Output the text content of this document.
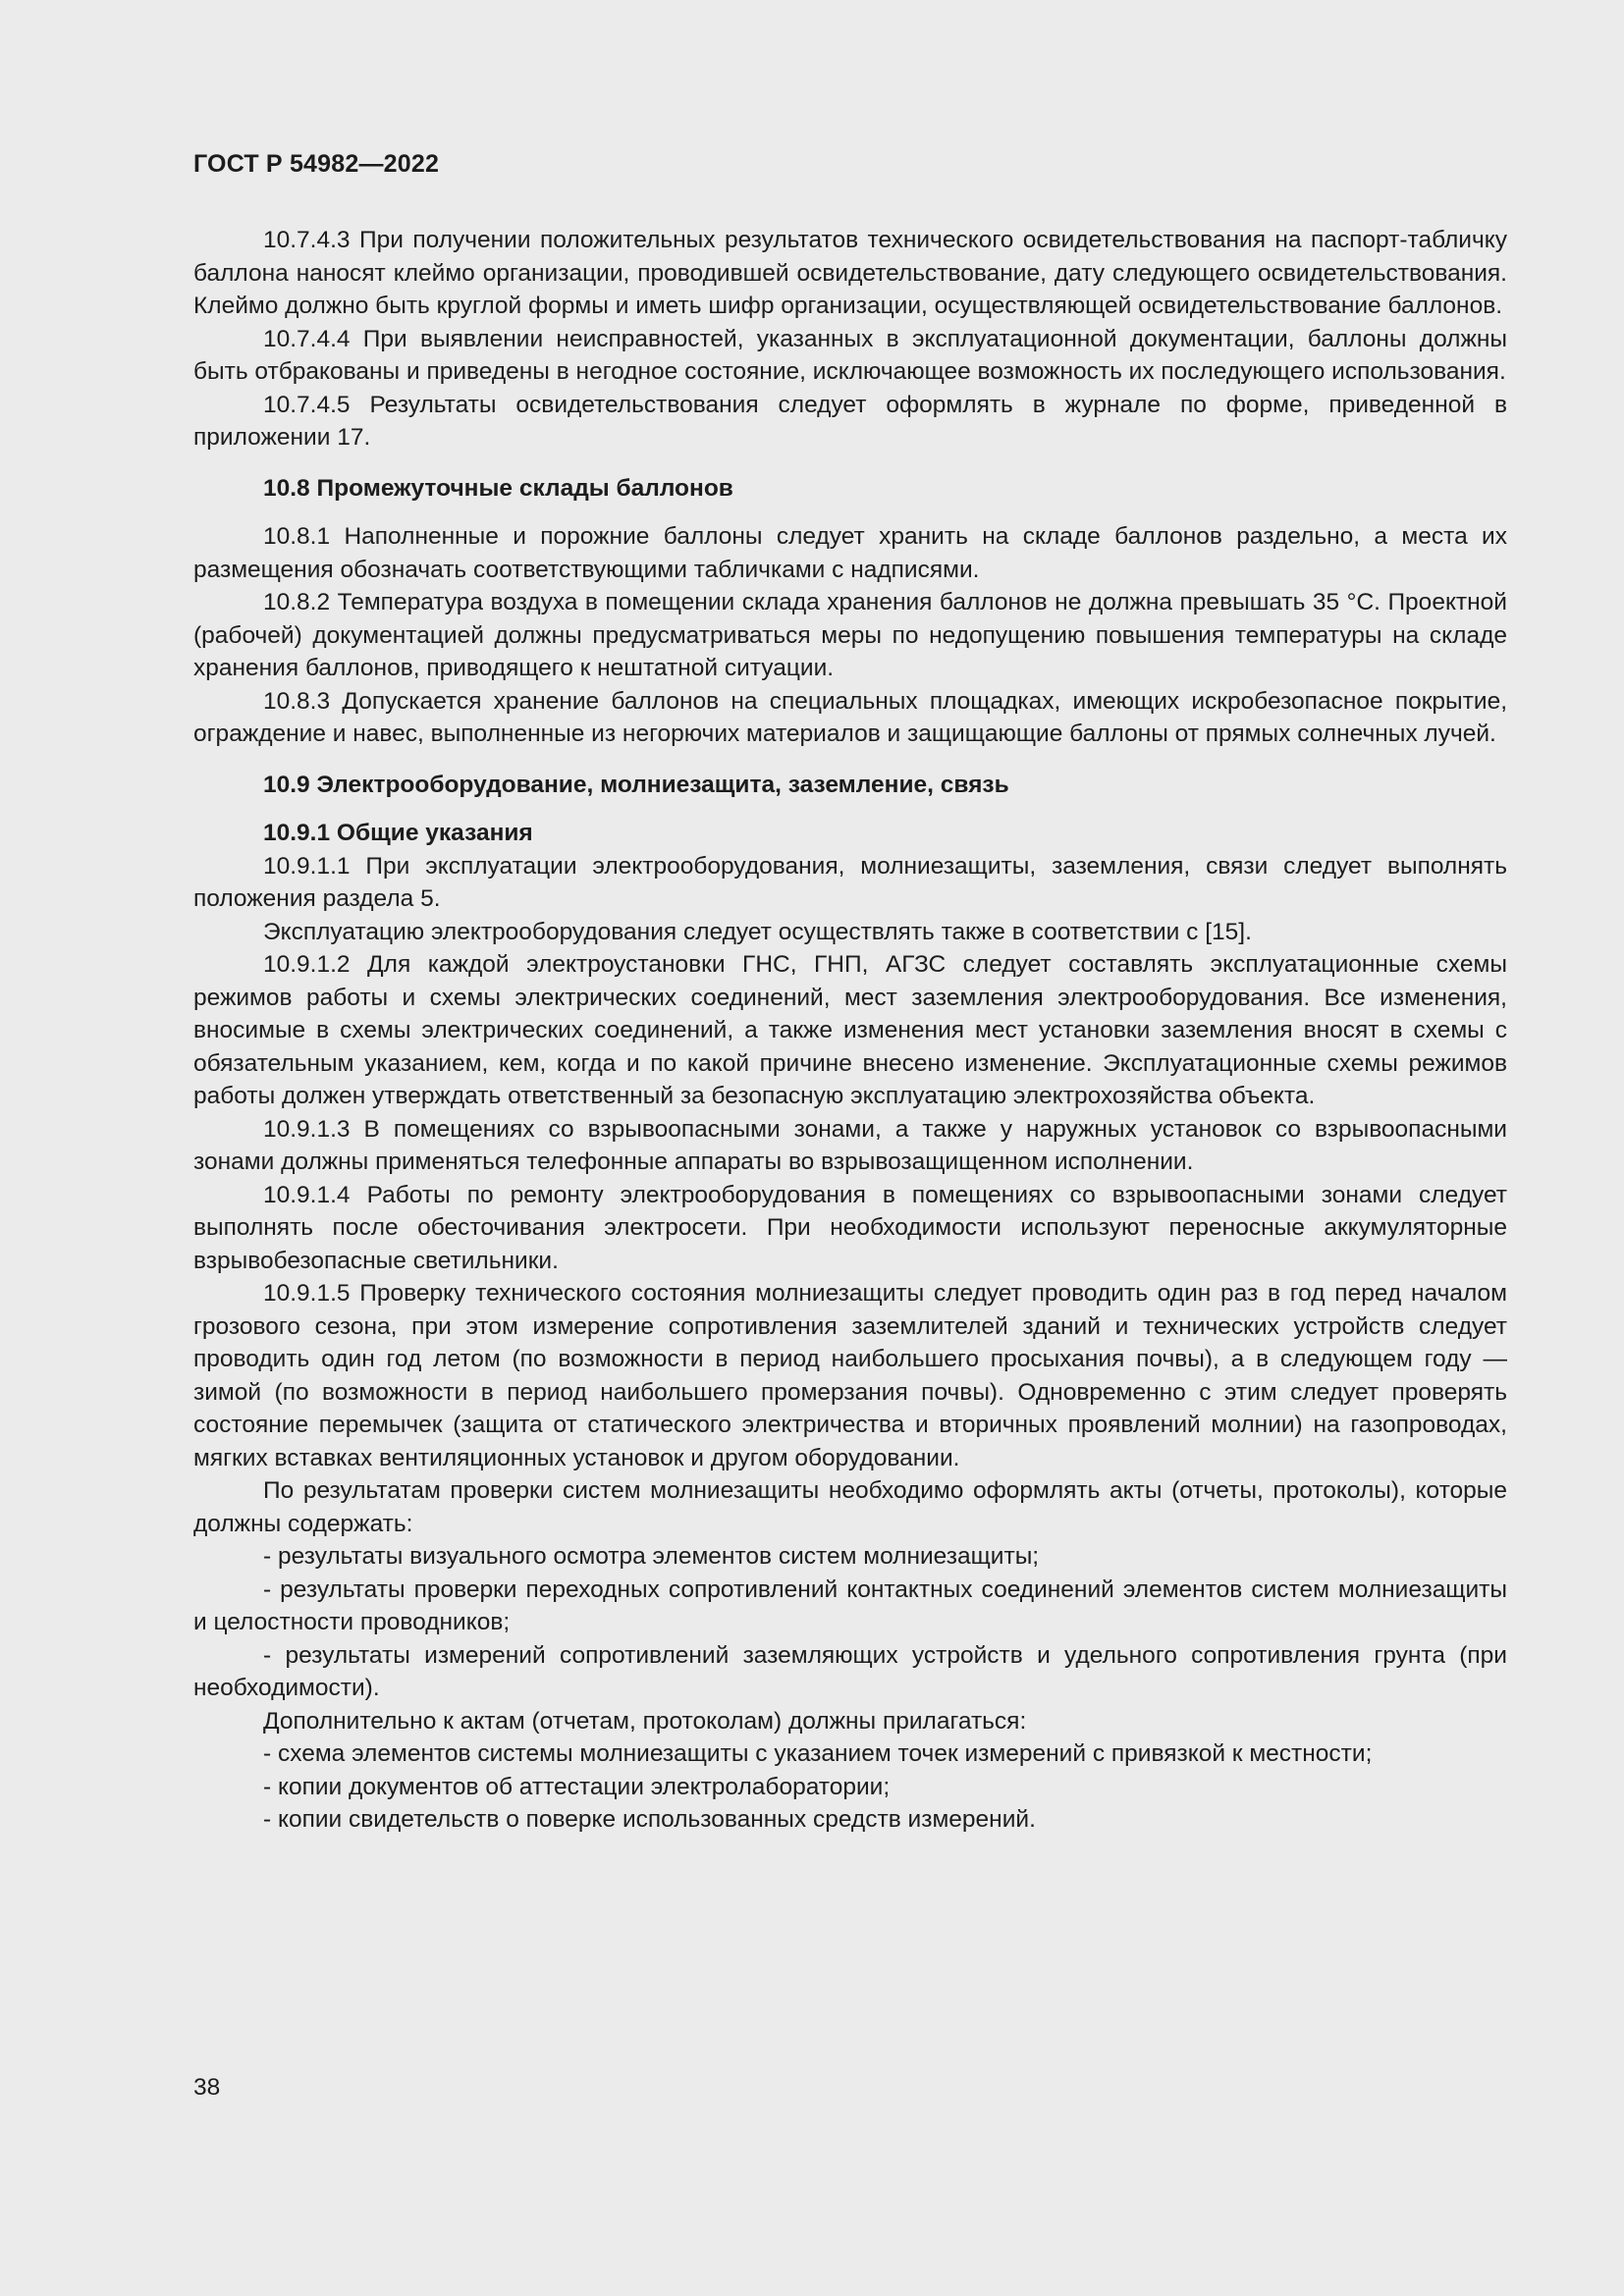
ГОСТ Р 54982—2022

10.7.4.3 При получении положительных результатов технического освидетельствования на паспорт-табличку баллона наносят клеймо организации, проводившей освидетельствование, дату следующего освидетельствования. Клеймо должно быть круглой формы и иметь шифр организации, осуществляющей освидетельствование баллонов.

10.7.4.4 При выявлении неисправностей, указанных в эксплуатационной документации, баллоны должны быть отбракованы и приведены в негодное состояние, исключающее возможность их последующего использования.

10.7.4.5 Результаты освидетельствования следует оформлять в журнале по форме, приведенной в приложении 17.

10.8 Промежуточные склады баллонов

10.8.1 Наполненные и порожние баллоны следует хранить на складе баллонов раздельно, а места их размещения обозначать соответствующими табличками с надписями.

10.8.2 Температура воздуха в помещении склада хранения баллонов не должна превышать 35 °С. Проектной (рабочей) документацией должны предусматриваться меры по недопущению повышения температуры на складе хранения баллонов, приводящего к нештатной ситуации.

10.8.3 Допускается хранение баллонов на специальных площадках, имеющих искробезопасное покрытие, ограждение и навес, выполненные из негорючих материалов и защищающие баллоны от прямых солнечных лучей.

10.9 Электрооборудование, молниезащита, заземление, связь
10.9.1 Общие указания

10.9.1.1 При эксплуатации электрооборудования, молниезащиты, заземления, связи следует выполнять положения раздела 5.

Эксплуатацию электрооборудования следует осуществлять также в соответствии с [15].

10.9.1.2 Для каждой электроустановки ГНС, ГНП, АГЗС следует составлять эксплуатационные схемы режимов работы и схемы электрических соединений, мест заземления электрооборудования. Все изменения, вносимые в схемы электрических соединений, а также изменения мест установки заземления вносят в схемы с обязательным указанием, кем, когда и по какой причине внесено изменение. Эксплуатационные схемы режимов работы должен утверждать ответственный за безопасную эксплуатацию электрохозяйства объекта.

10.9.1.3 В помещениях со взрывоопасными зонами, а также у наружных установок со взрывоопасными зонами должны применяться телефонные аппараты во взрывозащищенном исполнении.

10.9.1.4 Работы по ремонту электрооборудования в помещениях со взрывоопасными зонами следует выполнять после обесточивания электросети. При необходимости используют переносные аккумуляторные взрывобезопасные светильники.

10.9.1.5 Проверку технического состояния молниезащиты следует проводить один раз в год перед началом грозового сезона, при этом измерение сопротивления заземлителей зданий и технических устройств следует проводить один год летом (по возможности в период наибольшего просыхания почвы), а в следующем году — зимой (по возможности в период наибольшего промерзания почвы). Одновременно с этим следует проверять состояние перемычек (защита от статического электричества и вторичных проявлений молнии) на газопроводах, мягких вставках вентиляционных установок и другом оборудовании.

По результатам проверки систем молниезащиты необходимо оформлять акты (отчеты, протоколы), которые должны содержать:

- результаты визуального осмотра элементов систем молниезащиты;

- результаты проверки переходных сопротивлений контактных соединений элементов систем молниезащиты и целостности проводников;

- результаты измерений сопротивлений заземляющих устройств и удельного сопротивления грунта (при необходимости).

Дополнительно к актам (отчетам, протоколам) должны прилагаться:

- схема элементов системы молниезащиты с указанием точек измерений с привязкой к местности;

- копии документов об аттестации электролаборатории;

- копии свидетельств о поверке использованных средств измерений.

38
